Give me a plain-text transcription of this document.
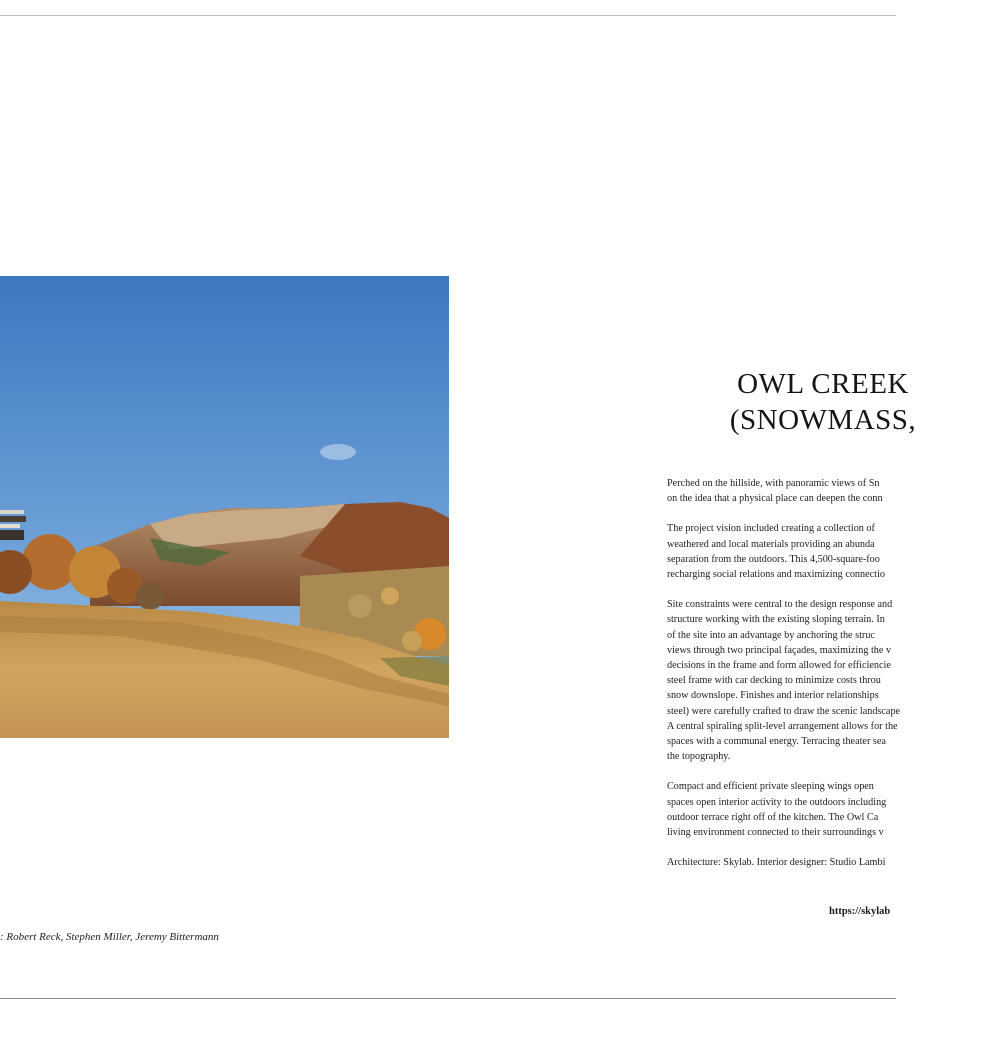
: Robert Reck, Stephen Miller, Jeremy Bittermann
OWL CREEK
(SNOWMASS,

Perched on the hillside, with panoramic views of Sn
on the idea that a physical place can deepen the conn

The project vision included creating a collection of
weathered and local materials providing an abunda
separation from the outdoors. This 4,500-square-foo
recharging social relations and maximizing connectio

Site constraints were central to the design response and
structure working with the existing sloping terrain. In
of the site into an advantage by anchoring the struc
views through two principal façades, maximizing the v
decisions in the frame and form allowed for efficiencie
steel frame with car decking to minimize costs throu
snow downslope. Finishes and interior relationships
steel) were carefully crafted to draw the scenic landscape
A central spiraling split-level arrangement allows for the
spaces with a communal energy. Terracing theater sea
the topography.

Compact and efficient private sleeping wings open
spaces open interior activity to the outdoors including
outdoor terrace right off of the kitchen. The Owl Ca
living environment connected to their surroundings v

Architecture: Skylab. Interior designer: Studio Lambi

https://skylab
